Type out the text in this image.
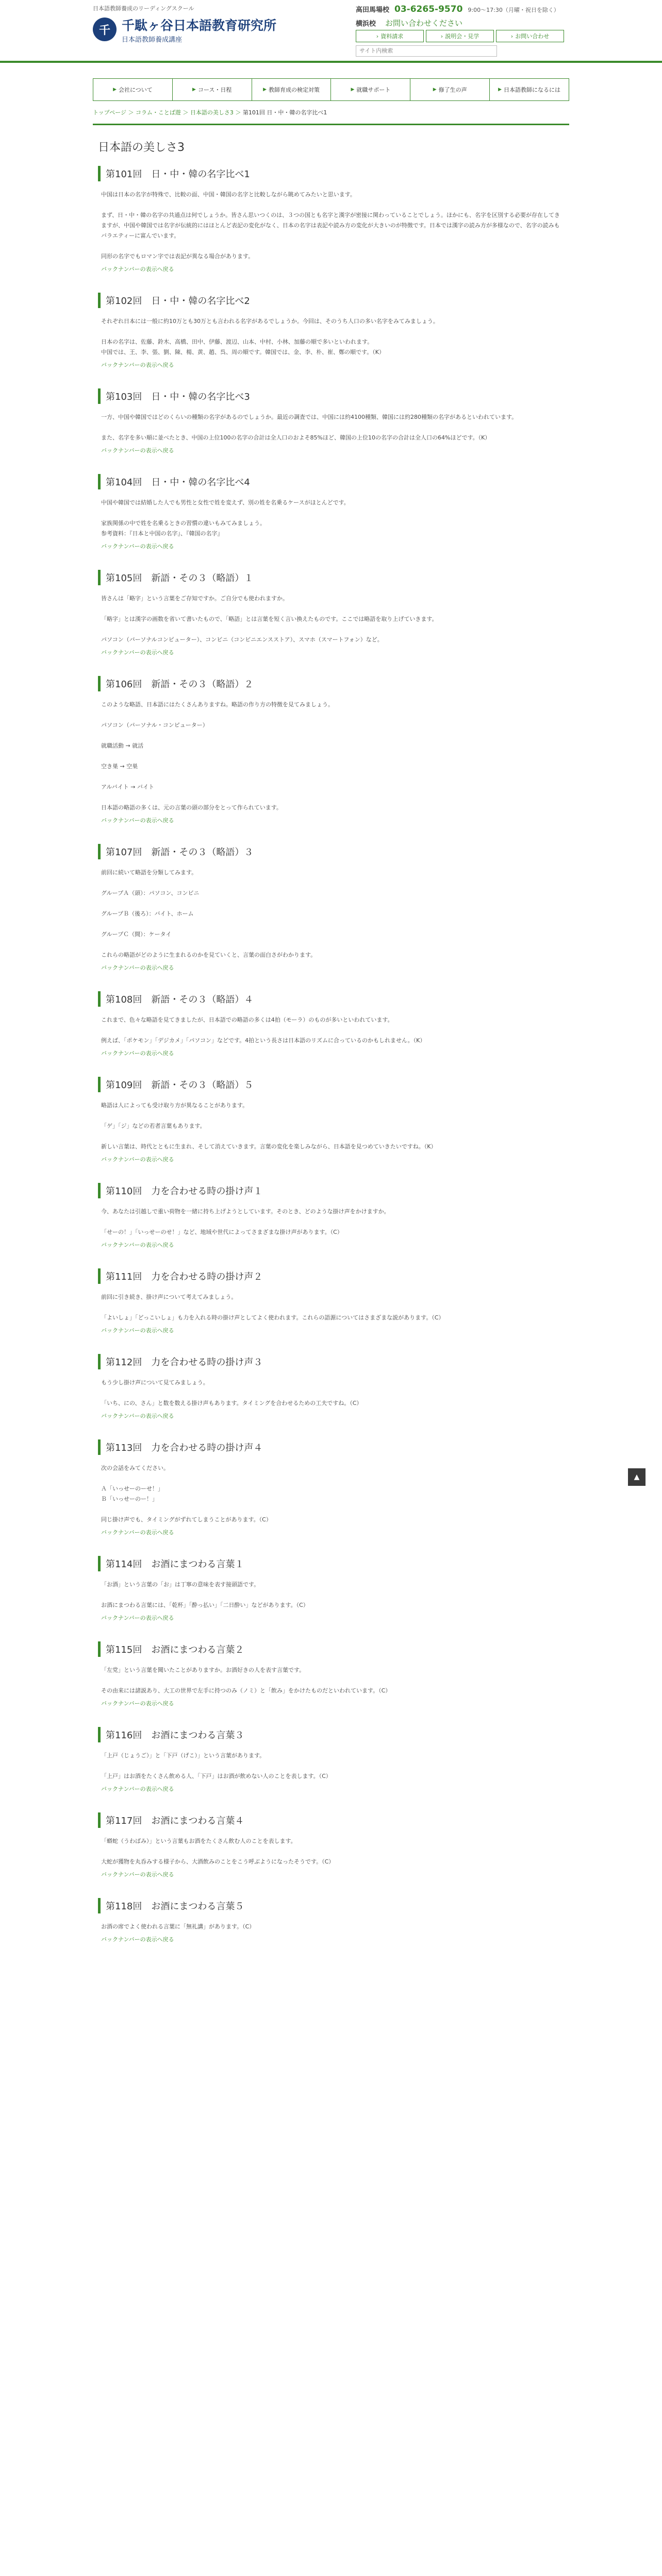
日本語教師養成のリーディングスクール
千 千駄ヶ谷日本語教育研究所
日本語教師養成講座
高田馬場校 03-6265-9570 9:00〜17:30（月曜・祝日を除く）
横浜校 お問い合わせください
› 資料請求	› 説明会・見学	› お問い合わせ
サイト内検索
▶ 会社について	▶ コース・日程	▶ 教師育成の検定対策	▶ 就職サポート	▶ 修了生の声	▶ 日本語教師になるには
トップページ ＞ コラム・ことば遊 ＞ 日本語の美しさ3 ＞ 第101回 日・中・韓の名字比べ1
日本語の美しさ3
第101回　日・中・韓の名字比べ1
中国は日本の名字が特殊で、比較の面、中国・韓国の名字と比較しながら眺めてみたいと思います。

まず、日・中・韓の名字の共通点は何でしょうか。皆さん思いつくのは、３つの国とも名字と漢字が密接に関わっていることでしょう。ほかにも、名字を区別する必要が存在してきますが、中国や韓国では名字が伝統的にはほとんど表記の変化がなく、日本の名字は表記や読み方の変化が大きいのが特徴です。日本では漢字の読み方が多様なので、名字の読みもバラエティーに富んでいます。

同形の名字でもロマン字では表記が異なる場合があります。
バックナンバーの表示へ戻る
第102回　日・中・韓の名字比べ2
それぞれ日本には一般に約10万とも30万とも言われる名字があるでしょうか。今回は、そのうち人口の多い名字をみてみましょう。

日本の名字は、佐藤、鈴木、高橋、田中、伊藤、渡辺、山本、中村、小林、加藤の順で多いといわれます。
中国では、王、李、張、劉、陳、楊、黄、趙、呉、周の順です。韓国では、金、李、朴、崔、鄭の順です。（K）
バックナンバーの表示へ戻る
第103回　日・中・韓の名字比べ3
一方、中国や韓国ではどのくらいの種類の名字があるのでしょうか。最近の調査では、中国には約4100種類、韓国には約280種類の名字があるといわれています。

また、名字を多い順に並べたとき、中国の上位100の名字の合計は全人口のおよそ85%ほど、韓国の上位10の名字の合計は全人口の64%ほどです。（K）
バックナンバーの表示へ戻る
第104回　日・中・韓の名字比べ4
中国や韓国では結婚した人でも男性と女性で姓を変えず、別の姓を名乗るケースがほとんどです。

家族関係の中で姓を名乗るときの習慣の違いもみてみましょう。
参考資料：『日本と中国の名字』、『韓国の名字』
バックナンバーの表示へ戻る
第105回　新語・その３（略語）１
皆さんは「略字」という言葉をご存知ですか。ご自分でも使われますか。

「略字」とは漢字の画数を省いて書いたもので、「略語」とは言葉を短く言い換えたものです。ここでは略語を取り上げていきます。

パソコン（パーソナルコンピューター）、コンビニ（コンビニエンスストア）、スマホ（スマートフォン）など。
バックナンバーの表示へ戻る
第106回　新語・その３（略語）２
このような略語、日本語にはたくさんありますね。略語の作り方の特徴を見てみましょう。

パソコン（パーソナル・コンピューター）

就職活動 → 就活

空き巣 → 空巣

アルバイト → バイト

日本語の略語の多くは、元の言葉の頭の部分をとって作られています。
バックナンバーの表示へ戻る
第107回　新語・その３（略語）３
前回に続いて略語を分類してみます。

グループＡ（頭）：パソコン、コンビニ

グループＢ（後ろ）：バイト、ホーム

グループＣ（間）：ケータイ

これらの略語がどのように生まれるのかを見ていくと、言葉の面白さがわかります。
バックナンバーの表示へ戻る
第108回　新語・その３（略語）４
これまで、色々な略語を見てきましたが、日本語での略語の多くは4拍（モーラ）のものが多いといわれています。

例えば、「ポケモン」「デジカメ」「パソコン」などです。4拍という長さは日本語のリズムに合っているのかもしれません。（K）
バックナンバーの表示へ戻る
第109回　新語・その３（略語）５
略語は人によっても受け取り方が異なることがあります。

「ゲ」「ジ」などの若者言葉もあります。

新しい言葉は、時代とともに生まれ、そして消えていきます。言葉の変化を楽しみながら、日本語を見つめていきたいですね。（K）
バックナンバーの表示へ戻る
第110回　力を合わせる時の掛け声１
今、あなたは引越しで重い荷物を一緒に持ち上げようとしています。そのとき、どのような掛け声をかけますか。

「せーの！」「いっせーのせ！」など、地域や世代によってさまざまな掛け声があります。（C）
バックナンバーの表示へ戻る
第111回　力を合わせる時の掛け声２
前回に引き続き、掛け声について考えてみましょう。

「よいしょ」「どっこいしょ」も力を入れる時の掛け声としてよく使われます。これらの語源についてはさまざまな説があります。（C）
バックナンバーの表示へ戻る
第112回　力を合わせる時の掛け声３
もう少し掛け声について見てみましょう。

「いち、にの、さん」と数を数える掛け声もあります。タイミングを合わせるための工夫ですね。（C）
バックナンバーの表示へ戻る
第113回　力を合わせる時の掛け声４
次の会話をみてください。

Ａ「いっせーのーせ！」
Ｂ「いっせーのー！」

同じ掛け声でも、タイミングがずれてしまうことがあります。（C）
バックナンバーの表示へ戻る
第114回　お酒にまつわる言葉１
「お酒」という言葉の「お」は丁寧の意味を表す接頭語です。

お酒にまつわる言葉には、「乾杯」「酔っ払い」「二日酔い」などがあります。（C）
バックナンバーの表示へ戻る
第115回　お酒にまつわる言葉２
「左党」という言葉を聞いたことがありますか。お酒好きの人を表す言葉です。

その由来には諸説あり、大工の世界で左手に持つのみ（ノミ）と「飲み」をかけたものだといわれています。（C）
バックナンバーの表示へ戻る
第116回　お酒にまつわる言葉３
「上戸（じょうご）」と「下戸（げこ）」という言葉があります。

「上戸」はお酒をたくさん飲める人、「下戸」はお酒が飲めない人のことを表します。（C）
バックナンバーの表示へ戻る
第117回　お酒にまつわる言葉４
「蟒蛇（うわばみ）」という言葉もお酒をたくさん飲む人のことを表します。

大蛇が獲物を丸呑みする様子から、大酒飲みのことをこう呼ぶようになったそうです。（C）
バックナンバーの表示へ戻る
第118回　お酒にまつわる言葉５
お酒の席でよく使われる言葉に「無礼講」があります。（C）
バックナンバーの表示へ戻る
▲
